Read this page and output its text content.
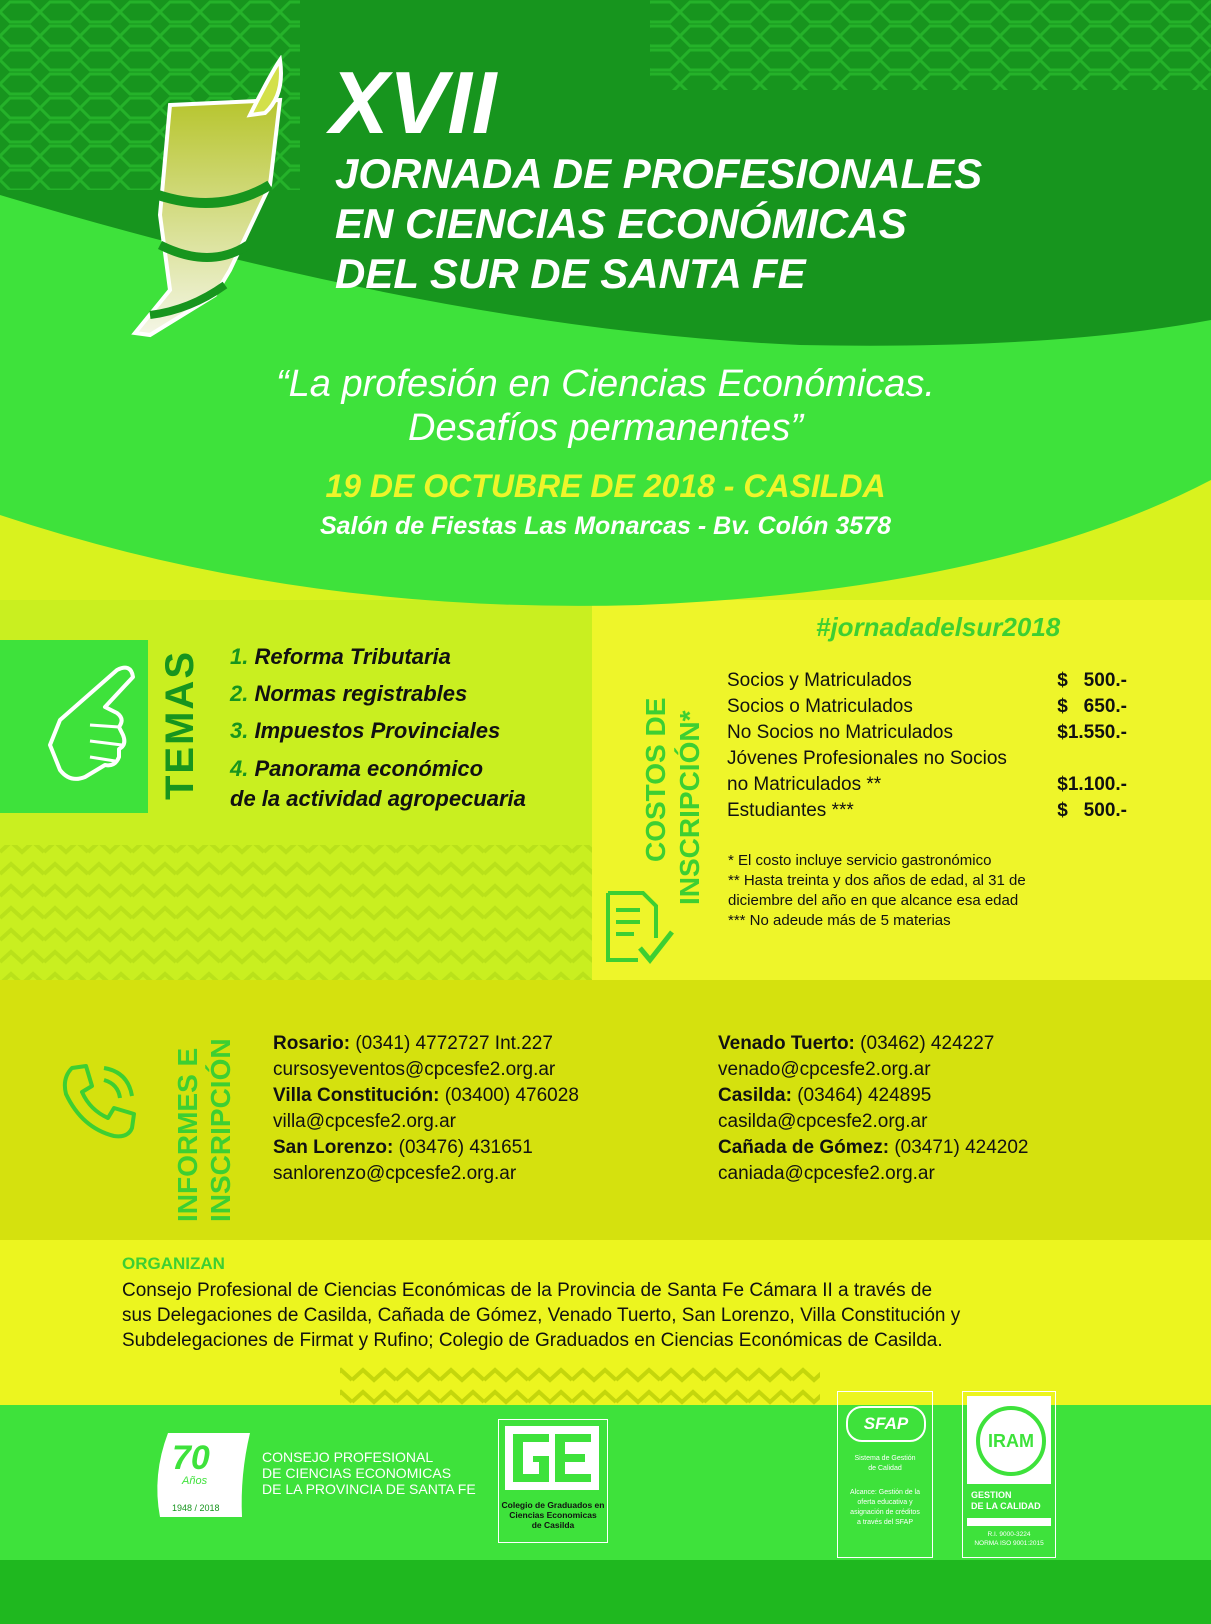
XVII
JORNADA DE PROFESIONALES
EN CIENCIAS ECONÓMICAS
DEL SUR DE SANTA FE
“La profesión en Ciencias Económicas.
Desafíos permanentes”
19 DE OCTUBRE DE 2018 - CASILDA
Salón de Fiestas Las Monarcas - Bv. Colón 3578
#jornadadelsur2018
TEMAS 1. Reforma Tributaria
2. Normas registrables
3. Impuestos Provinciales
4. Panorama económico
de la actividad agropecuaria	COSTOS DE INSCRIPCIÓN*
Socios y Matriculados	$   500.-
Socios o Matriculados	$   650.-
No Socios no Matriculados	$1.550.-
Jóvenes Profesionales no Socios
no Matriculados **	$1.100.-
Estudiantes ***	$   500.-
* El costo incluye servicio gastronómico
** Hasta treinta y dos años de edad, al 31 de
diciembre del año en que alcance esa edad
*** No adeude más de 5 materias
INFORMES E INSCRIPCIÓN Rosario: (0341) 4772727 Int.227
cursosyeventos@cpcesfe2.org.ar
Villa Constitución: (03400) 476028
villa@cpcesfe2.org.ar
San Lorenzo: (03476) 431651
sanlorenzo@cpcesfe2.org.ar
Venado Tuerto: (03462) 424227
venado@cpcesfe2.org.ar
Casilda: (03464) 424895
casilda@cpcesfe2.org.ar
Cañada de Gómez: (03471) 424202
caniada@cpcesfe2.org.ar
ORGANIZAN
Consejo Profesional de Ciencias Económicas de la Provincia de Santa Fe Cámara II a través de
sus Delegaciones de Casilda, Cañada de Gómez, Venado Tuerto, San Lorenzo, Villa Constitución y
Subdelegaciones de Firmat y Rufino; Colegio de Graduados en Ciencias Económicas de Casilda.
70
Años
1948 / 2018
CONSEJO PROFESIONAL
DE CIENCIAS ECONOMICAS
DE LA PROVINCIA DE SANTA FE
Colegio de Graduados en
Ciencias Economicas
de Casilda
SFAP
Sistema de Gestión
de Calidad
Alcance: Gestión de la
oferta educativa y
asignación de créditos
a través del SFAP
IRAM
GESTION
DE LA CALIDAD
R.I. 9000-3224
NORMA ISO 9001:2015
